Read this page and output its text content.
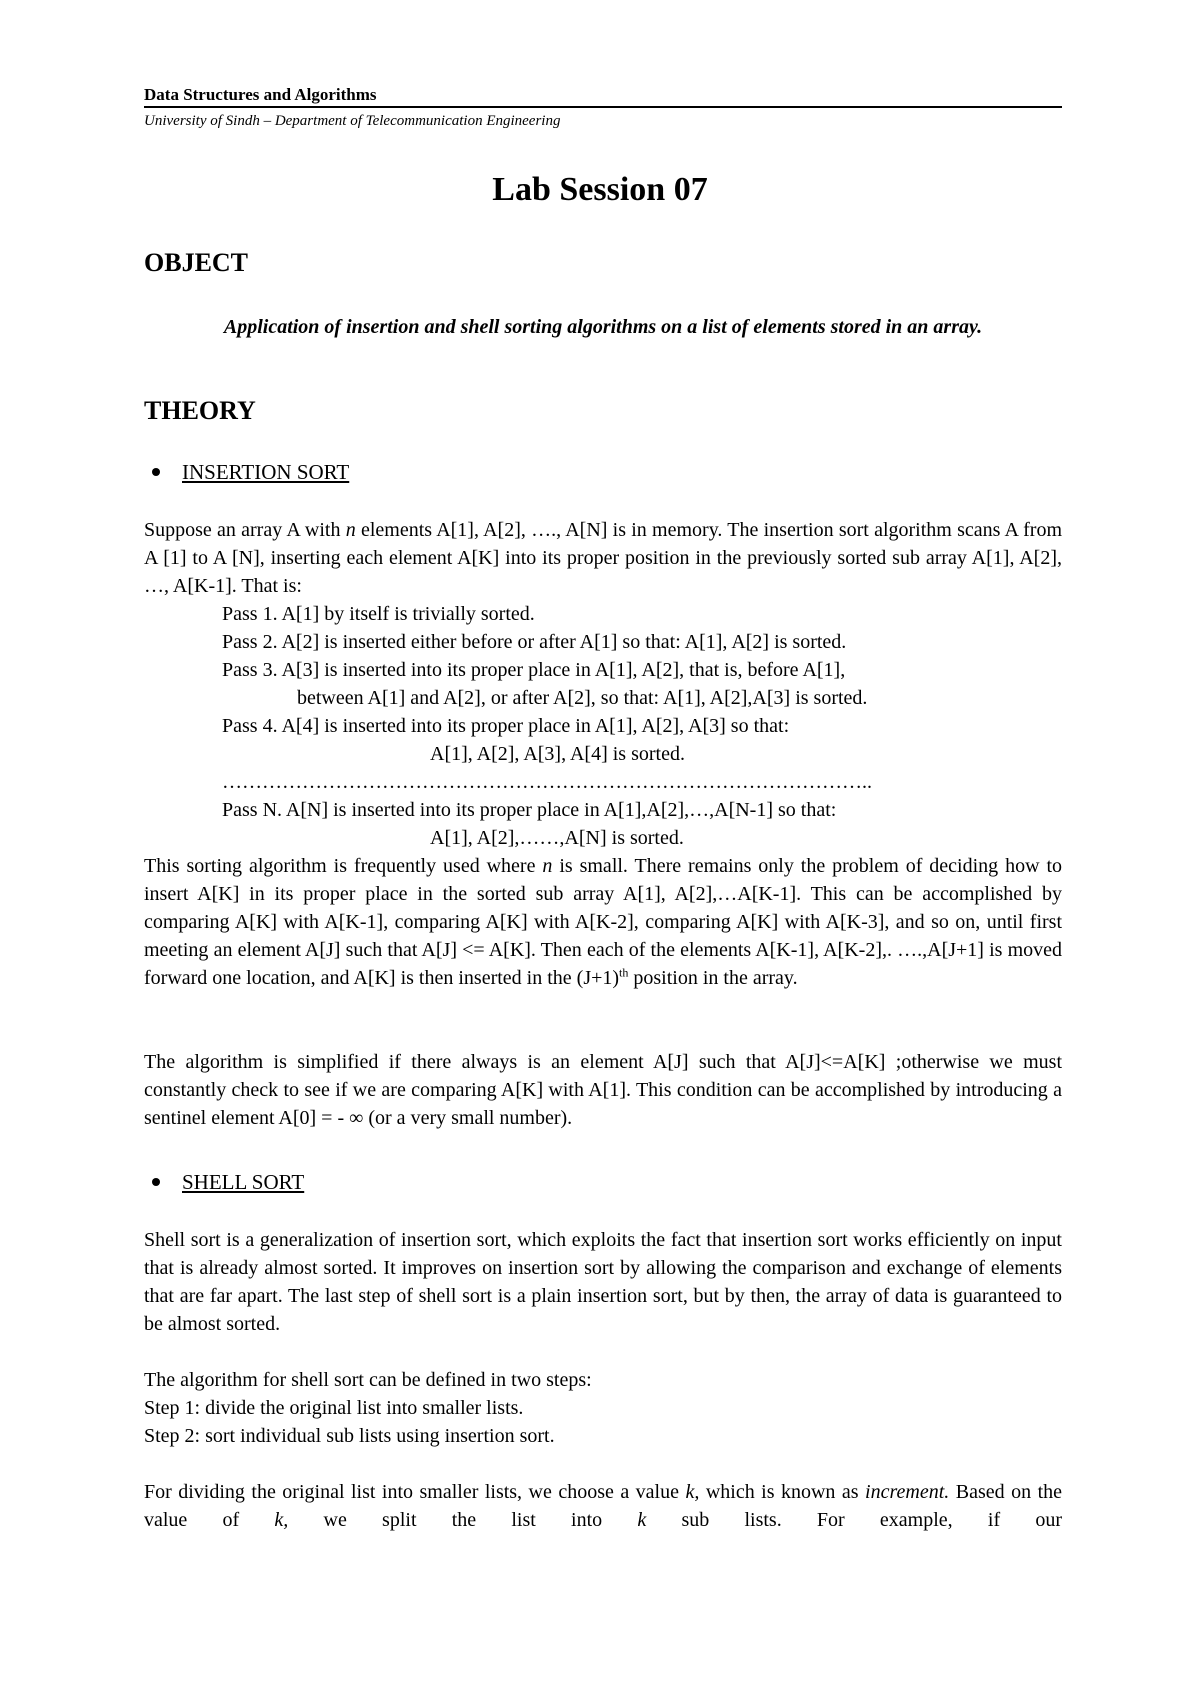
Data Structures and Algorithms
University of Sindh – Department of Telecommunication Engineering
Lab Session 07
OBJECT
Application of insertion and shell sorting algorithms on a list of elements stored in an array.
THEORY
INSERTION SORT
Suppose an array A with n elements A[1], A[2], …., A[N] is in memory. The insertion sort algorithm scans A from A [1] to A [N], inserting each element A[K] into its proper position in the previously sorted sub array A[1], A[2], …, A[K-1]. That is:
Pass 1. A[1] by itself is trivially sorted.
Pass 2. A[2] is inserted either before or after A[1] so that: A[1], A[2] is sorted.
Pass 3. A[3] is inserted into its proper place in A[1], A[2], that is, before A[1],
between A[1] and A[2], or after A[2], so that: A[1], A[2],A[3] is sorted.
Pass 4. A[4] is inserted into its proper place in A[1], A[2], A[3] so that:
A[1], A[2], A[3], A[4] is sorted.
……………………………………………………………………………………..
Pass N. A[N] is inserted into its proper place in A[1],A[2],…,A[N-1] so that:
A[1], A[2],……,A[N] is sorted.
This sorting algorithm is frequently used where n is small. There remains only the problem of deciding how to insert A[K] in its proper place in the sorted sub array A[1], A[2],…A[K-1]. This can be accomplished by comparing A[K] with A[K-1], comparing A[K] with A[K-2], comparing A[K] with A[K-3], and so on, until first meeting an element A[J] such that A[J] <= A[K]. Then each of the elements A[K-1], A[K-2],. ….,A[J+1] is moved forward one location, and A[K] is then inserted in the $(J+1)^{th}$ position in the array.
The algorithm is simplified if there always is an element A[J] such that A[J]<=A[K] ;otherwise we must constantly check to see if we are comparing A[K] with A[1]. This condition can be accomplished by introducing a sentinel element A[0] = - ∞ (or a very small number).
SHELL SORT
Shell sort is a generalization of insertion sort, which exploits the fact that insertion sort works efficiently on input that is already almost sorted. It improves on insertion sort by allowing the comparison and exchange of elements that are far apart. The last step of shell sort is a plain insertion sort, but by then, the array of data is guaranteed to be almost sorted.
The algorithm for shell sort can be defined in two steps:
Step 1: divide the original list into smaller lists.
Step 2: sort individual sub lists using insertion sort.
For dividing the original list into smaller lists, we choose a value k, which is known as increment. Based on the value of k, we split the list into k sub lists. For example, if our
